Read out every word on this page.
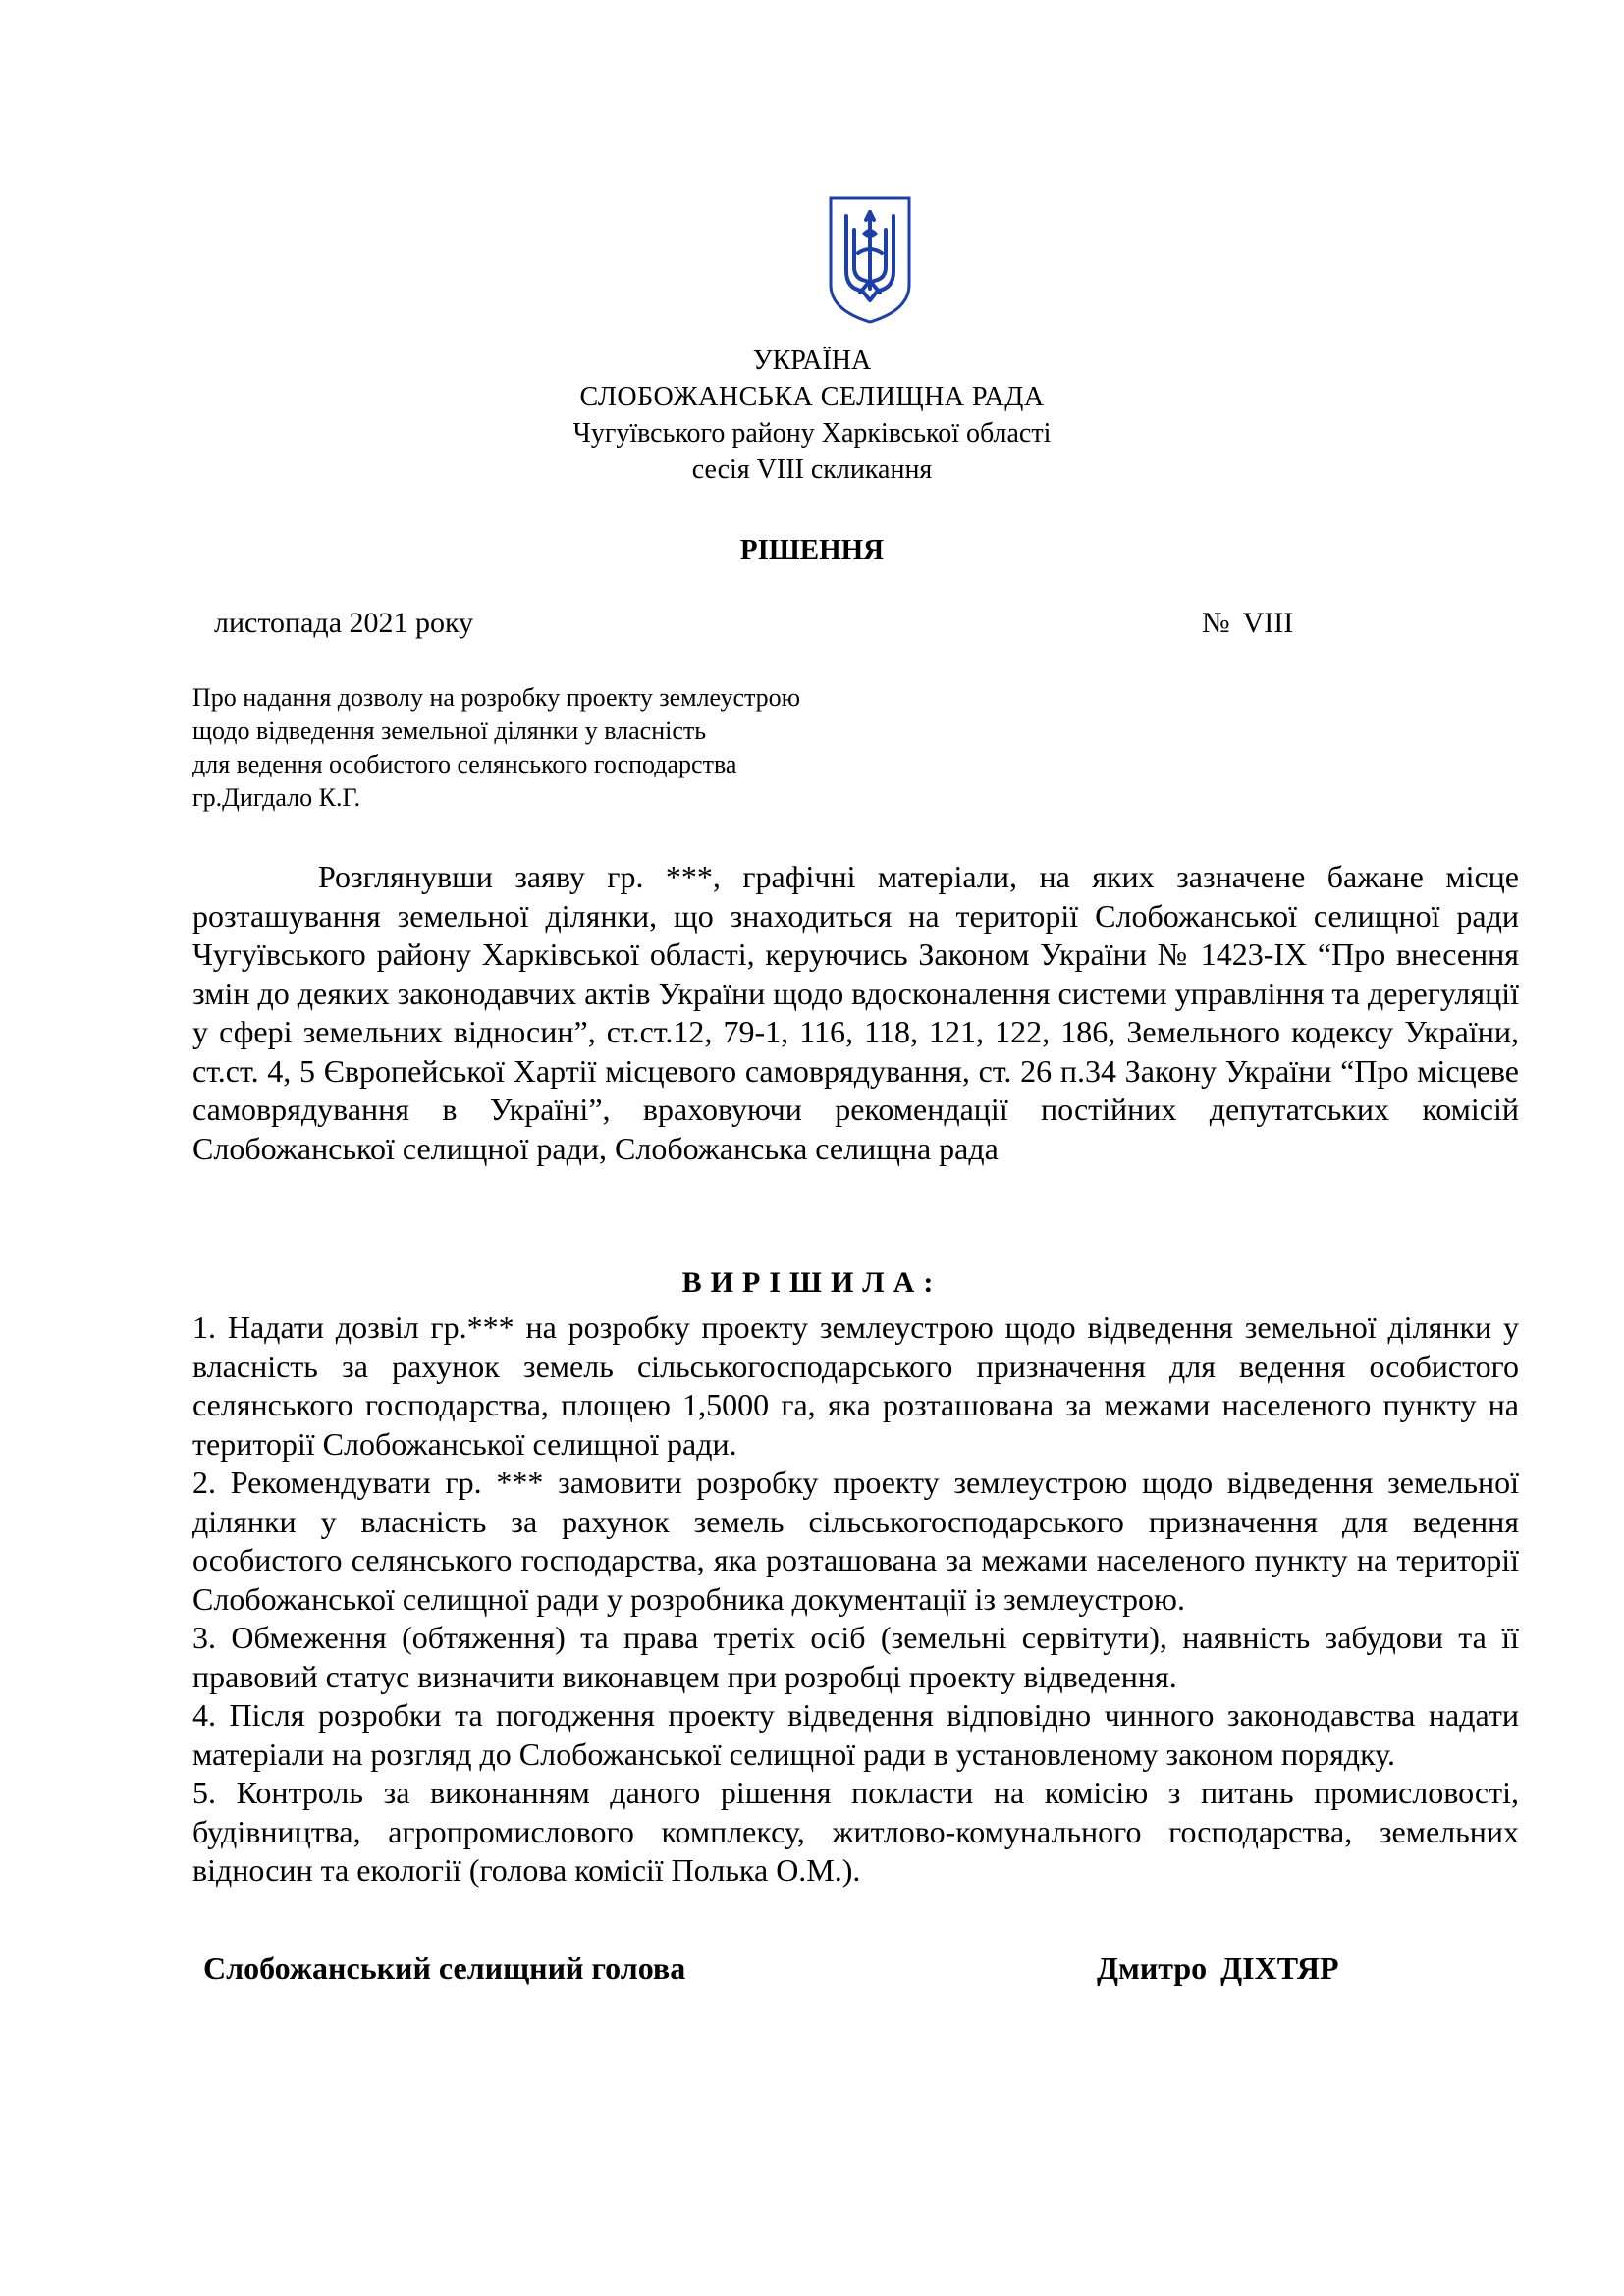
УКРАЇНА
СЛОБОЖАНСЬКА СЕЛИЩНА РАДА
Чугуївського району Харківської області
сесія VIII скликання
РІШЕННЯ
листопада 2021 року	№ VIII
Про надання дозволу на розробку проекту землеустрою
щодо відведення земельної ділянки у власність
для ведення особистого селянського господарства
гр.Дигдало К.Г.
Розглянувши заяву гр. ***, графічні матеріали, на яких зазначене бажане місце розташування земельної ділянки, що знаходиться на території Слобожанської селищної ради Чугуївського району Харківської області, керуючись Законом України № 1423-IX “Про внесення змін до деяких законодавчих актів України щодо вдосконалення системи управління та дерегуляції у сфері земельних відносин”, ст.ст.12, 79-1, 116, 118, 121, 122, 186, Земельного кодексу України, ст.ст. 4, 5 Європейської Хартії місцевого самоврядування, ст. 26 п.34 Закону України “Про місцеве самоврядування в Україні”, враховуючи рекомендації постійних депутатських комісій Слобожанської селищної ради, Слобожанська селищна рада
ВИРІШИЛА:

1. Надати дозвіл гр.*** на розробку проекту землеустрою щодо відведення земельної ділянки у власність за рахунок земель сільськогосподарського призначення для ведення особистого селянського господарства, площею 1,5000 га, яка розташована за межами населеного пункту на території Слобожанської селищної ради.

2. Рекомендувати гр. *** замовити розробку проекту землеустрою щодо відведення земельної ділянки у власність за рахунок земель сільськогосподарського призначення для ведення особистого селянського господарства, яка розташована за межами населеного пункту на території Слобожанської селищної ради у розробника документації із землеустрою.

3. Обмеження (обтяження) та права третіх осіб (земельні сервітути), наявність забудови та її правовий статус визначити виконавцем при розробці проекту відведення.

4. Після розробки та погодження проекту відведення відповідно чинного законодавства надати матеріали на розгляд до Слобожанської селищної ради в установленому законом порядку.

5. Контроль за виконанням даного рішення покласти на комісію з питань промисловості, будівництва, агропромислового комплексу, житлово-комунального господарства, земельних відносин та екології (голова комісії Полька О.М.).

Слобожанський селищний голова	Дмитро ДІХТЯР
